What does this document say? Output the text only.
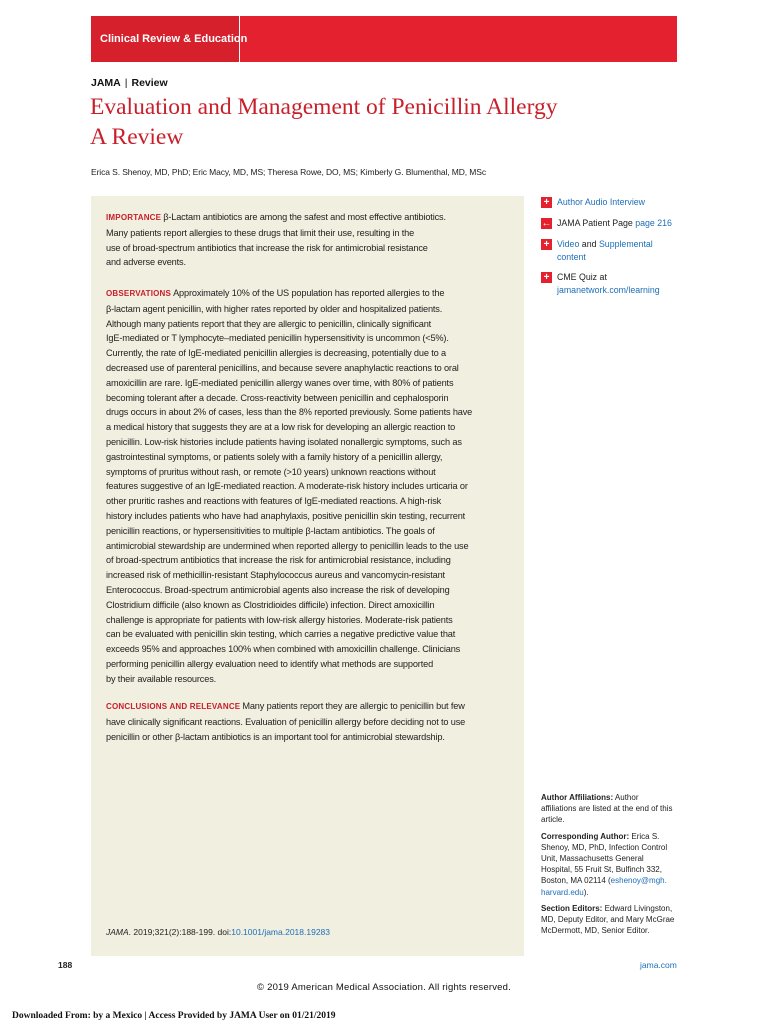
Clinical Review & Education
JAMA | Review
Evaluation and Management of Penicillin Allergy
A Review
Erica S. Shenoy, MD, PhD; Eric Macy, MD, MS; Theresa Rowe, DO, MS; Kimberly G. Blumenthal, MD, MSc
IMPORTANCE β-Lactam antibiotics are among the safest and most effective antibiotics.
Many patients report allergies to these drugs that limit their use, resulting in the
use of broad-spectrum antibiotics that increase the risk for antimicrobial resistance
and adverse events.
OBSERVATIONS Approximately 10% of the US population has reported allergies to the
β-lactam agent penicillin, with higher rates reported by older and hospitalized patients.
Although many patients report that they are allergic to penicillin, clinically significant
IgE-mediated or T lymphocyte–mediated penicillin hypersensitivity is uncommon (<5%).
Currently, the rate of IgE-mediated penicillin allergies is decreasing, potentially due to a
decreased use of parenteral penicillins, and because severe anaphylactic reactions to oral
amoxicillin are rare. IgE-mediated penicillin allergy wanes over time, with 80% of patients
becoming tolerant after a decade. Cross-reactivity between penicillin and cephalosporin
drugs occurs in about 2% of cases, less than the 8% reported previously. Some patients have
a medical history that suggests they are at a low risk for developing an allergic reaction to
penicillin. Low-risk histories include patients having isolated nonallergic symptoms, such as
gastrointestinal symptoms, or patients solely with a family history of a penicillin allergy,
symptoms of pruritus without rash, or remote (>10 years) unknown reactions without
features suggestive of an IgE-mediated reaction. A moderate-risk history includes urticaria or
other pruritic rashes and reactions with features of IgE-mediated reactions. A high-risk
history includes patients who have had anaphylaxis, positive penicillin skin testing, recurrent
penicillin reactions, or hypersensitivities to multiple β-lactam antibiotics. The goals of
antimicrobial stewardship are undermined when reported allergy to penicillin leads to the use
of broad-spectrum antibiotics that increase the risk for antimicrobial resistance, including
increased risk of methicillin-resistant Staphylococcus aureus and vancomycin-resistant
Enterococcus. Broad-spectrum antimicrobial agents also increase the risk of developing
Clostridium difficile (also known as Clostridioides difficile) infection. Direct amoxicillin
challenge is appropriate for patients with low-risk allergy histories. Moderate-risk patients
can be evaluated with penicillin skin testing, which carries a negative predictive value that
exceeds 95% and approaches 100% when combined with amoxicillin challenge. Clinicians
performing penicillin allergy evaluation need to identify what methods are supported
by their available resources.
CONCLUSIONS AND RELEVANCE Many patients report they are allergic to penicillin but few
have clinically significant reactions. Evaluation of penicillin allergy before deciding not to use
penicillin or other β-lactam antibiotics is an important tool for antimicrobial stewardship.
JAMA. 2019;321(2):188-199. doi:10.1001/jama.2018.19283
+ Author Audio Interview
← JAMA Patient Page page 216
+ Video and Supplemental
content
+ CME Quiz at
jamanetwork.com/learning
Author Affiliations: Author
affiliations are listed at the end of this
article.
Corresponding Author: Erica S.
Shenoy, MD, PhD, Infection Control
Unit, Massachusetts General
Hospital, 55 Fruit St, Bulfinch 332,
Boston, MA 02114 (eshenoy@mgh.
harvard.edu).
Section Editors: Edward Livingston,
MD, Deputy Editor, and Mary McGrae
McDermott, MD, Senior Editor.
188	jama.com
© 2019 American Medical Association. All rights reserved.
Downloaded From: by a Mexico | Access Provided by JAMA User on 01/21/2019
